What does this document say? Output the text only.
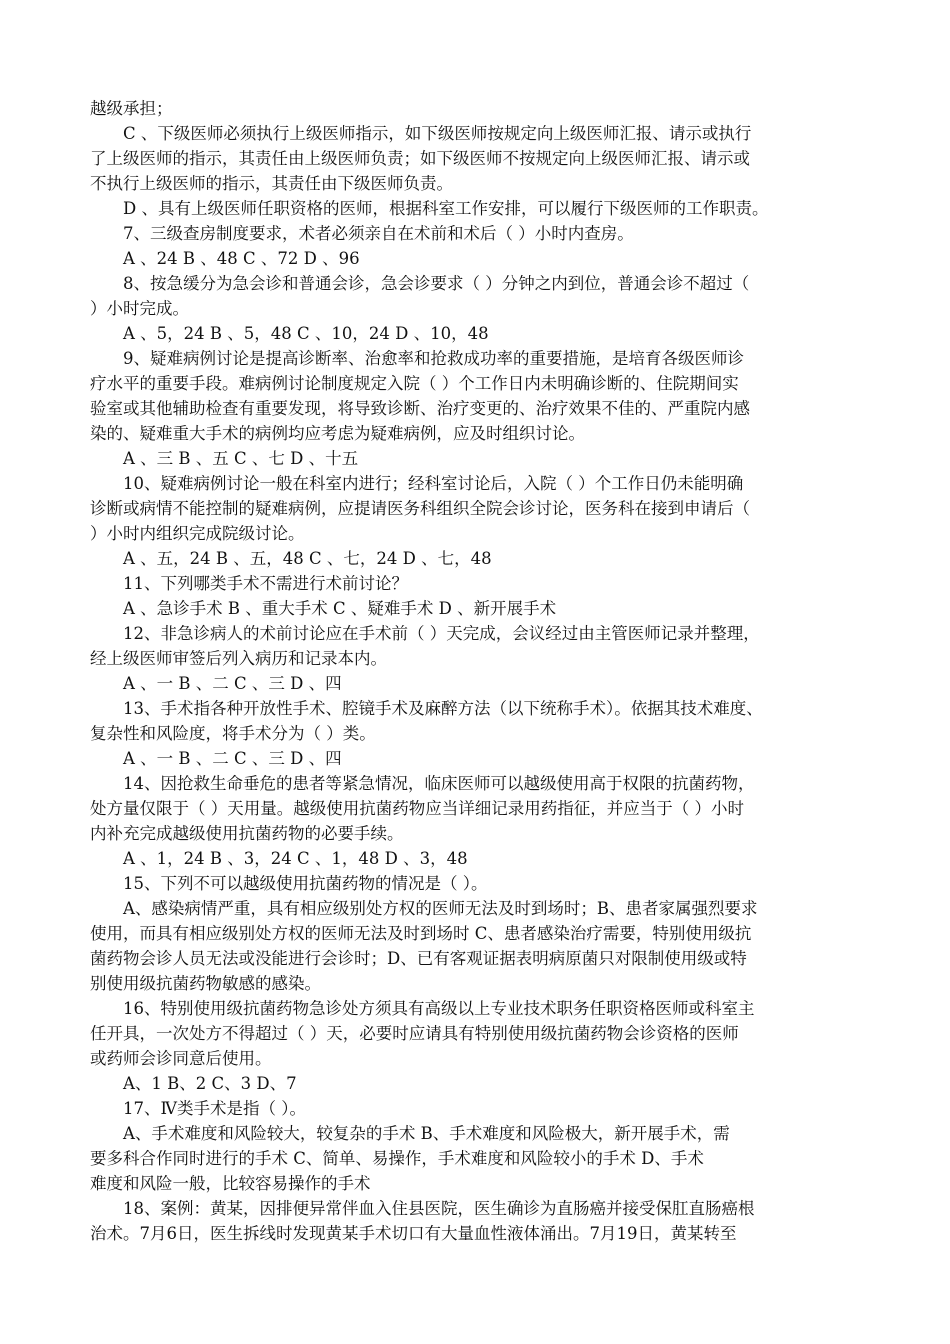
越级承担；
C 、下级医师必须执行上级医师指示，如下级医师按规定向上级医师汇报、请示或执行
了上级医师的指示，其责任由上级医师负责；如下级医师不按规定向上级医师汇报、请示或
不执行上级医师的指示，其责任由下级医师负责。
D 、具有上级医师任职资格的医师，根据科室工作安排，可以履行下级医师的工作职责。
7、三级查房制度要求，术者必须亲自在术前和术后（ ）小时内查房。
A 、24 B 、48 C 、72 D 、96
8、按急缓分为急会诊和普通会诊，急会诊要求（ ）分钟之内到位，普通会诊不超过（
）小时完成。
A 、5，24 B 、5，48 C 、10，24 D 、10，48
9、疑难病例讨论是提高诊断率、治愈率和抢救成功率的重要措施，是培育各级医师诊
疗水平的重要手段。难病例讨论制度规定入院（ ）个工作日内未明确诊断的、住院期间实
验室或其他辅助检查有重要发现，将导致诊断、治疗变更的、治疗效果不佳的、严重院内感
染的、疑难重大手术的病例均应考虑为疑难病例，应及时组织讨论。
A 、三 B 、五 C 、七 D 、十五
10、疑难病例讨论一般在科室内进行；经科室讨论后，入院（ ）个工作日仍未能明确
诊断或病情不能控制的疑难病例，应提请医务科组织全院会诊讨论，医务科在接到申请后（
）小时内组织完成院级讨论。
A 、五，24 B 、五，48 C 、七，24 D 、七，48
11、下列哪类手术不需进行术前讨论？
A 、急诊手术 B 、重大手术 C 、疑难手术 D 、新开展手术
12、非急诊病人的术前讨论应在手术前（ ）天完成，会议经过由主管医师记录并整理，
经上级医师审签后列入病历和记录本内。
A 、一 B 、二 C 、三 D 、四
13、手术指各种开放性手术、腔镜手术及麻醉方法（以下统称手术）。依据其技术难度、
复杂性和风险度，将手术分为（ ）类。
A 、一 B 、二 C 、三 D 、四
14、因抢救生命垂危的患者等紧急情况，临床医师可以越级使用高于权限的抗菌药物，
处方量仅限于（ ）天用量。越级使用抗菌药物应当详细记录用药指征，并应当于（ ）小时
内补充完成越级使用抗菌药物的必要手续。
A 、1，24 B 、3，24 C 、1，48 D 、3，48
15、下列不可以越级使用抗菌药物的情况是（ ）。
A、感染病情严重，具有相应级别处方权的医师无法及时到场时；B、患者家属强烈要求
使用，而具有相应级别处方权的医师无法及时到场时 C、患者感染治疗需要，特别使用级抗
菌药物会诊人员无法或没能进行会诊时；D、已有客观证据表明病原菌只对限制使用级或特
别使用级抗菌药物敏感的感染。
16、特别使用级抗菌药物急诊处方须具有高级以上专业技术职务任职资格医师或科室主
任开具，一次处方不得超过（ ）天，必要时应请具有特别使用级抗菌药物会诊资格的医师
或药师会诊同意后使用。
A、1 B、2 C、3 D、7
17、Ⅳ类手术是指（ ）。
A、手术难度和风险较大，较复杂的手术 B、手术难度和风险极大，新开展手术，需
要多科合作同时进行的手术 C、简单、易操作，手术难度和风险较小的手术 D、手术
难度和风险一般，比较容易操作的手术
18、案例：黄某，因排便异常伴血入住县医院，医生确诊为直肠癌并接受保肛直肠癌根
治术。7月6日，医生拆线时发现黄某手术切口有大量血性液体涌出。7月19日，黄某转至
